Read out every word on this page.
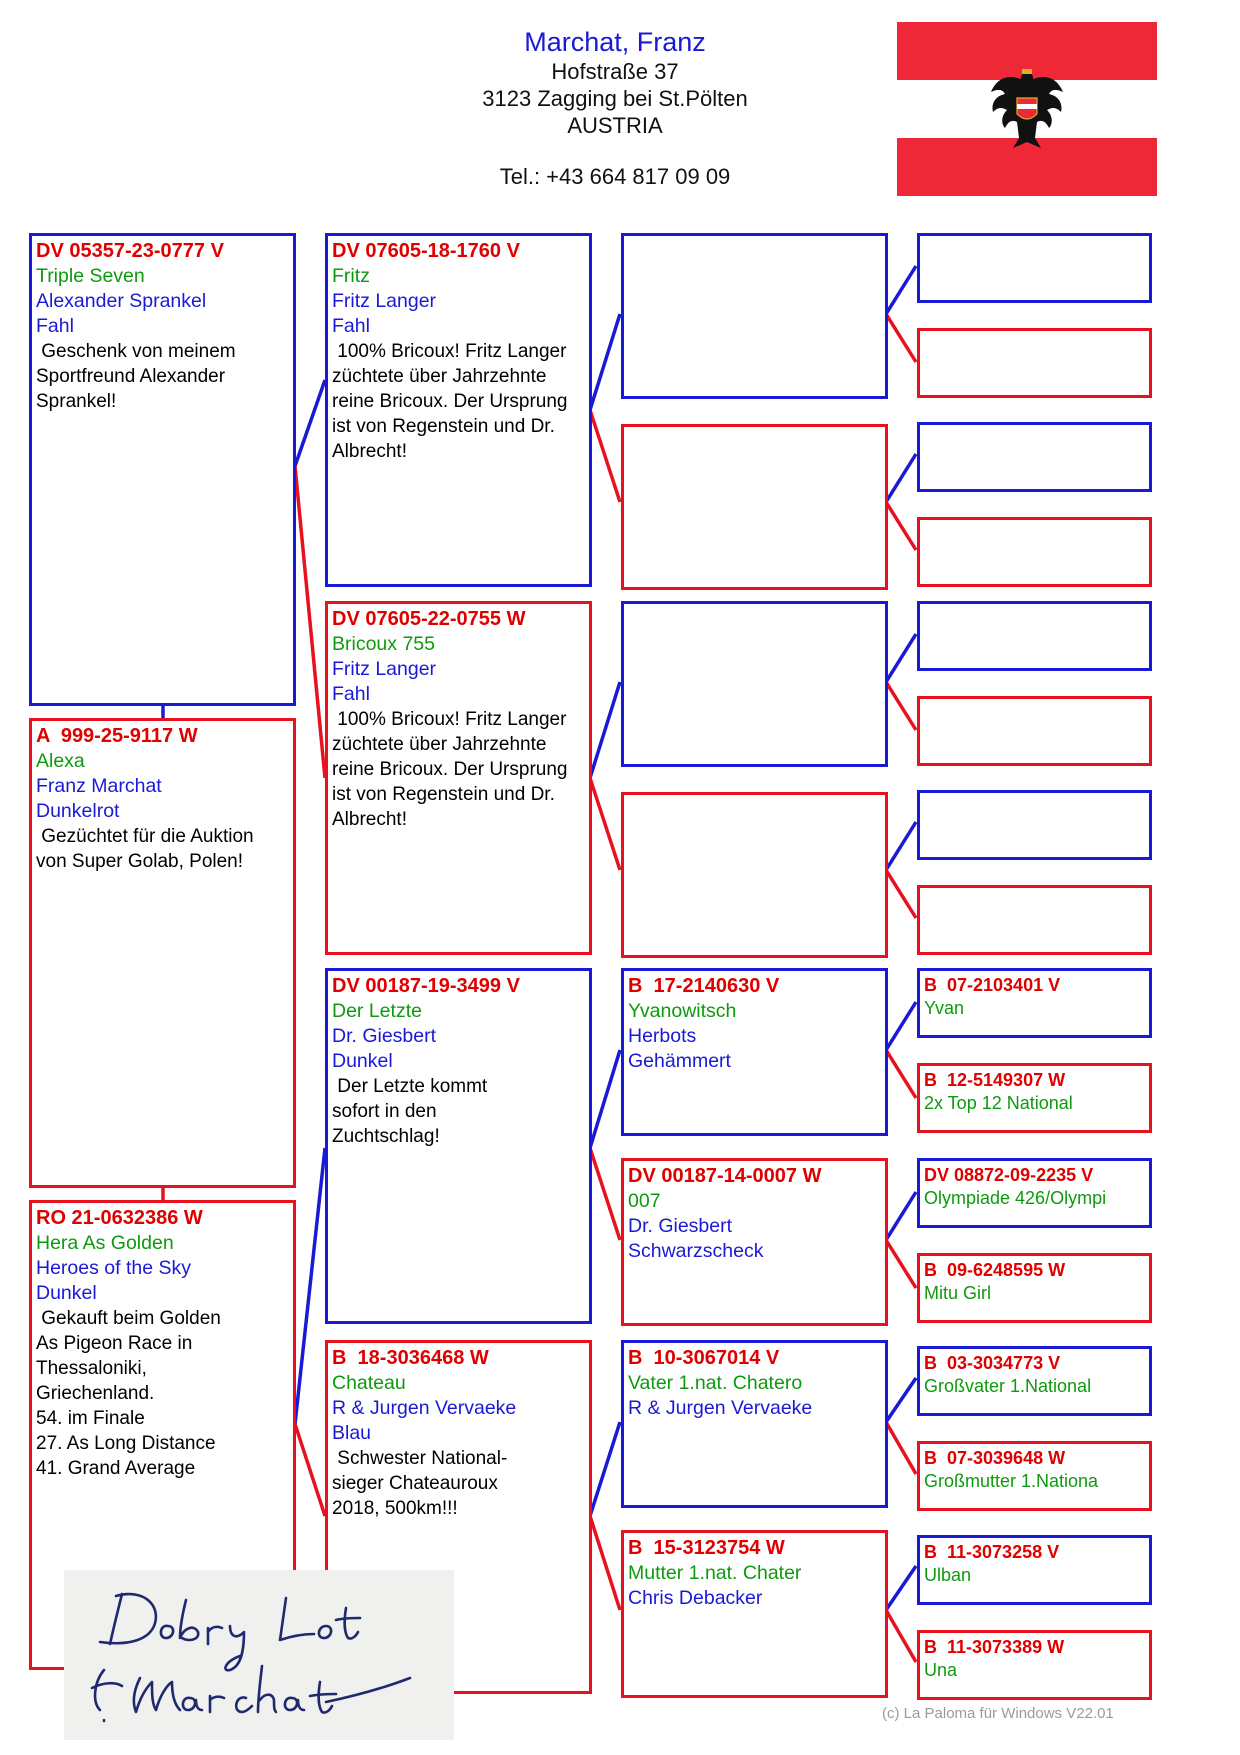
Marchat, Franz
Hofstraße 37
3123 Zagging bei St.Pölten
AUSTRIA
Tel.: +43 664 817 09 09
DV 05357-23-0777 V
Triple Seven
Alexander Sprankel
Fahl
Geschenk von meinem
Sportfreund Alexander
Sprankel!
A  999-25-9117 W
Alexa
Franz Marchat
Dunkelrot
Gezüchtet für die Auktion
von Super Golab, Polen!
RO 21-0632386 W
Hera As Golden
Heroes of the Sky
Dunkel
Gekauft beim Golden
As Pigeon Race in
Thessaloniki,
Griechenland.
54. im Finale
27. As Long Distance
41. Grand Average
DV 07605-18-1760 V
Fritz
Fritz Langer
Fahl
100% Bricoux! Fritz Langer
züchtete über Jahrzehnte
reine Bricoux. Der Ursprung
ist von Regenstein und Dr.
Albrecht!
DV 07605-22-0755 W
Bricoux 755
Fritz Langer
Fahl
100% Bricoux! Fritz Langer
züchtete über Jahrzehnte
reine Bricoux. Der Ursprung
ist von Regenstein und Dr.
Albrecht!
DV 00187-19-3499 V
Der Letzte
Dr. Giesbert
Dunkel
Der Letzte kommt
sofort in den
Zuchtschlag!
B  18-3036468 W
Chateau
R & Jurgen Vervaeke
Blau
Schwester National-
sieger Chateauroux
2018, 500km!!!
B  17-2140630 V
Yvanowitsch
Herbots
Gehämmert
DV 00187-14-0007 W
007
Dr. Giesbert
Schwarzscheck
B  10-3067014 V
Vater 1.nat. Chatero
R & Jurgen Vervaeke
B  15-3123754 W
Mutter 1.nat. Chater
Chris Debacker
B  07-2103401 V
Yvan
B  12-5149307 W
2x Top 12 National
DV 08872-09-2235 V
Olympiade 426/Olympi
B  09-6248595 W
Mitu Girl
B  03-3034773 V
Großvater 1.National
B  07-3039648 W
Großmutter 1.Nationa
B  11-3073258 V
Ulban
B  11-3073389 W
Una
(c) La Paloma für Windows V22.01
